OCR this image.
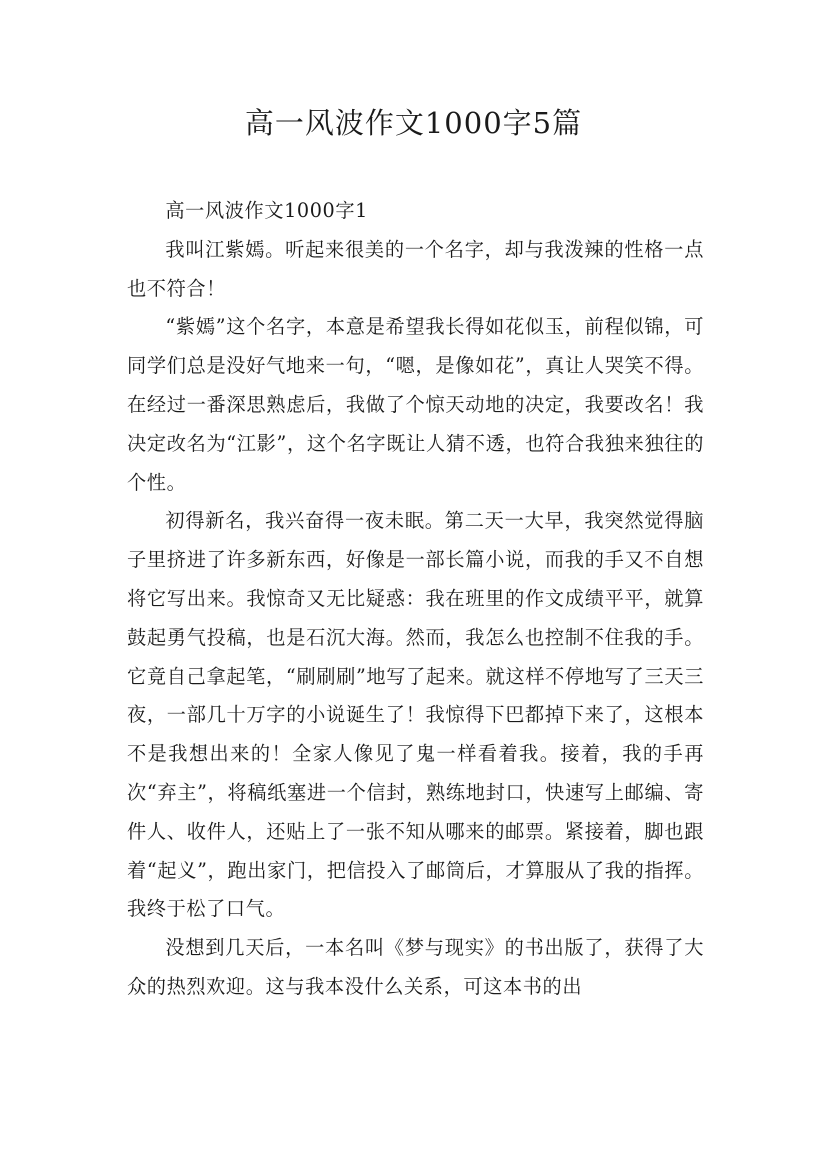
高一风波作文1000字5篇

高一风波作文1000字1

我叫江紫嫣。听起来很美的一个名字，却与我泼辣的性格一点也不符合！

“紫嫣”这个名字，本意是希望我长得如花似玉，前程似锦，可同学们总是没好气地来一句，“嗯，是像如花”，真让人哭笑不得。在经过一番深思熟虑后，我做了个惊天动地的决定，我要改名！我决定改名为“江影”，这个名字既让人猜不透，也符合我独来独往的个性。

初得新名，我兴奋得一夜未眠。第二天一大早，我突然觉得脑子里挤进了许多新东西，好像是一部长篇小说，而我的手又不自想将它写出来。我惊奇又无比疑惑：我在班里的作文成绩平平，就算鼓起勇气投稿，也是石沉大海。然而，我怎么也控制不住我的手。它竟自己拿起笔，“刷刷刷”地写了起来。就这样不停地写了三天三夜，一部几十万字的小说诞生了！我惊得下巴都掉下来了，这根本不是我想出来的！全家人像见了鬼一样看着我。接着，我的手再次“弃主”，将稿纸塞进一个信封，熟练地封口，快速写上邮编、寄件人、收件人，还贴上了一张不知从哪来的邮票。紧接着，脚也跟着“起义”，跑出家门，把信投入了邮筒后，才算服从了我的指挥。我终于松了口气。

没想到几天后，一本名叫《梦与现实》的书出版了，获得了大众的热烈欢迎。这与我本没什么关系，可这本书的出
